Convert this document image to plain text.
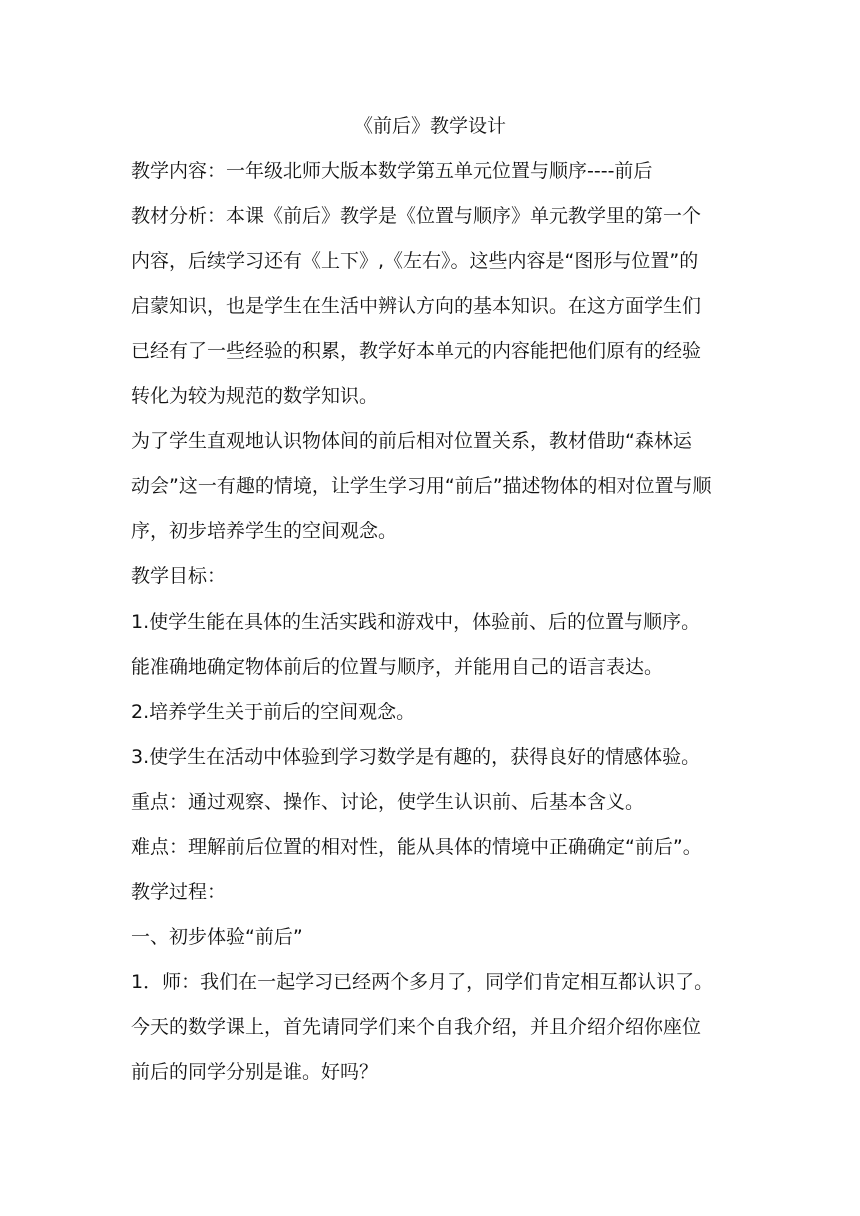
《前后》教学设计
教学内容：一年级北师大版本数学第五单元位置与顺序----前后
教材分析：本课《前后》教学是《位置与顺序》单元教学里的第一个
内容，后续学习还有《上下》,《左右》。这些内容是“图形与位置”的
启蒙知识，也是学生在生活中辨认方向的基本知识。在这方面学生们
已经有了一些经验的积累，教学好本单元的内容能把他们原有的经验
转化为较为规范的数学知识。
为了学生直观地认识物体间的前后相对位置关系，教材借助“森林运
动会”这一有趣的情境，让学生学习用“前后”描述物体的相对位置与顺
序，初步培养学生的空间观念。
教学目标：
1.使学生能在具体的生活实践和游戏中，体验前、后的位置与顺序。
能准确地确定物体前后的位置与顺序，并能用自己的语言表达。
2.培养学生关于前后的空间观念。
3.使学生在活动中体验到学习数学是有趣的，获得良好的情感体验。
重点：通过观察、操作、讨论，使学生认识前、后基本含义。
难点：理解前后位置的相对性，能从具体的情境中正确确定“前后”。
教学过程：
一、初步体验“前后”
1．师：我们在一起学习已经两个多月了，同学们肯定相互都认识了。
今天的数学课上，首先请同学们来个自我介绍，并且介绍介绍你座位
前后的同学分别是谁。好吗？
